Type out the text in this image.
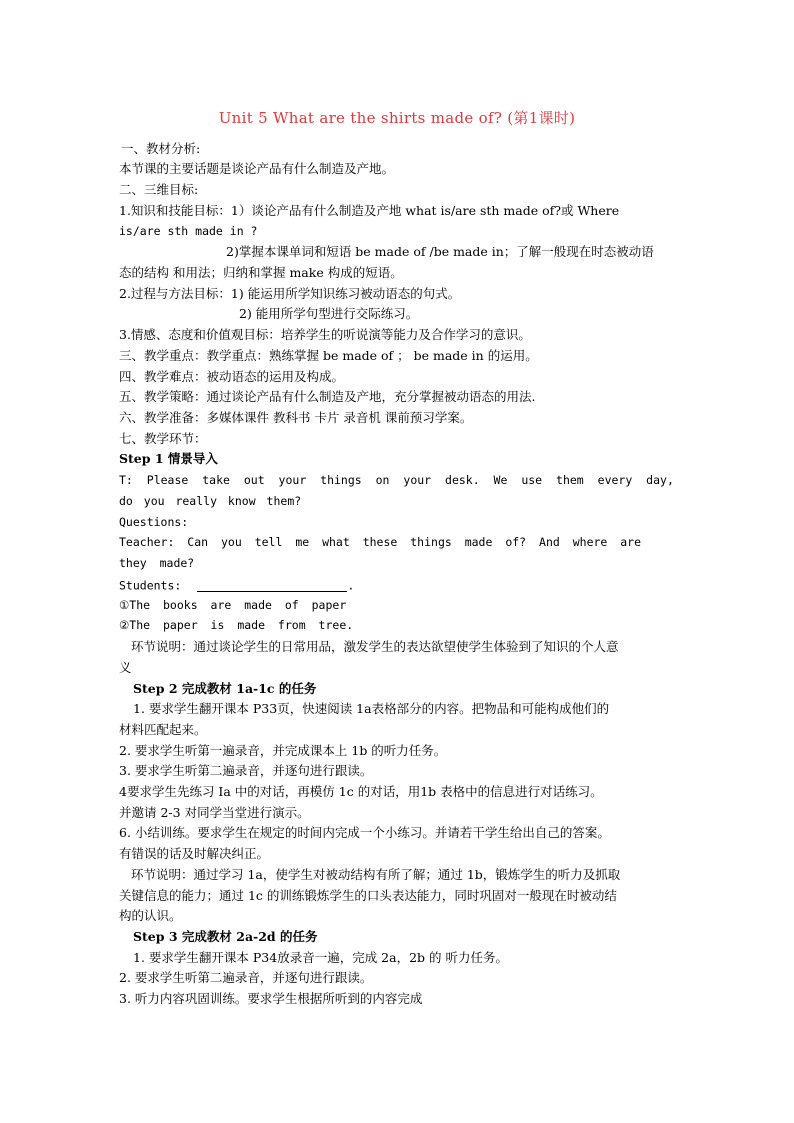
Unit 5 What are the shirts made of? (第1课时)
一、教材分析:
本节课的主要话题是谈论产品有什么制造及产地。
二、三维目标:
1.知识和技能目标：1）谈论产品有什么制造及产地 what is/are sth made of?或 Where
is/are sth made in ?
2)掌握本课单词和短语 be made of /be made in；了解一般现在时态被动语
态的结构 和用法；归纳和掌握 make 构成的短语。
2.过程与方法目标：1) 能运用所学知识练习被动语态的句式。
2) 能用所学句型进行交际练习。
3.情感、态度和价值观目标：培养学生的听说演等能力及合作学习的意识。
三、教学重点：教学重点：熟练掌握 be made of ； be made in 的运用。
四、教学难点：被动语态的运用及构成。
五、教学策略：通过谈论产品有什么制造及产地，充分掌握被动语态的用法.
六、教学准备：多媒体课件 教科书 卡片 录音机 课前预习学案。
七、教学环节：
Step 1 情景导入
T: Please take out your things on your desk. We use them every day,
do you really know them?
Questions:
Teacher: Can you tell me what these things made of? And where are
they made?
Students:	.
①The books are made of paper
②The paper is made from tree.
环节说明：通过谈论学生的日常用品，激发学生的表达欲望使学生体验到了知识的个人意
义
Step 2 完成教材 1a-1c 的任务
1. 要求学生翻开课本 P33页，快速阅读 1a表格部分的内容。把物品和可能构成他们的
材料匹配起来。
2. 要求学生听第一遍录音，并完成课本上 1b 的听力任务。
3. 要求学生听第二遍录音，并逐句进行跟读。
4要求学生先练习 Ia 中的对话，再模仿 1c 的对话，用1b 表格中的信息进行对话练习。
并邀请 2-3 对同学当堂进行演示。
6. 小结训练。要求学生在规定的时间内完成一个小练习。并请若干学生给出自己的答案。
有错误的话及时解决纠正。
环节说明：通过学习 1a，使学生对被动结构有所了解；通过 1b，锻炼学生的听力及抓取
关键信息的能力；通过 1c 的训练锻炼学生的口头表达能力，同时巩固对一般现在时被动结
构的认识。
Step 3 完成教材 2a-2d 的任务
1. 要求学生翻开课本 P34放录音一遍，完成 2a，2b 的 听力任务。
2. 要求学生听第二遍录音，并逐句进行跟读。
3. 听力内容巩固训练。要求学生根据所听到的内容完成
